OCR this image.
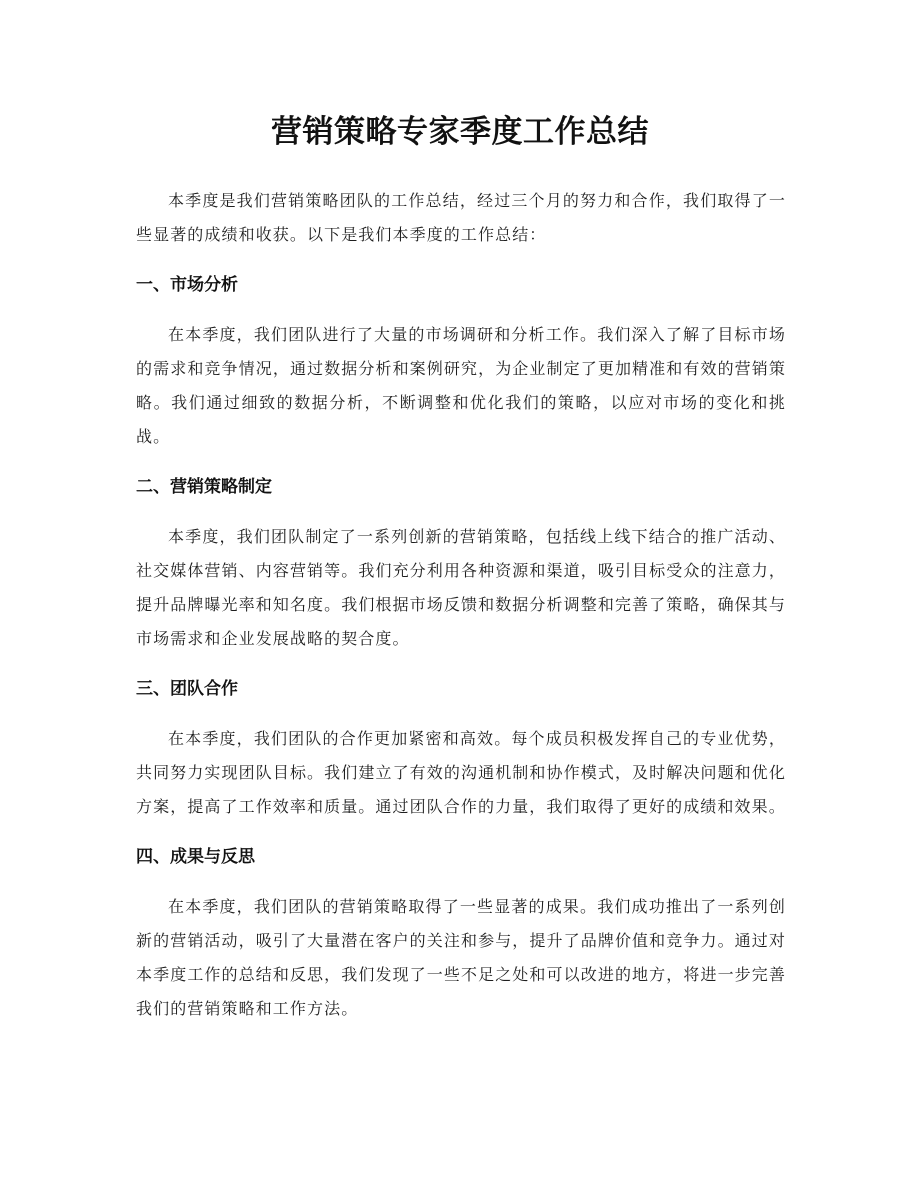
营销策略专家季度工作总结

本季度是我们营销策略团队的工作总结，经过三个月的努力和合作，我们取得了一些显著的成绩和收获。以下是我们本季度的工作总结：

一、市场分析

在本季度，我们团队进行了大量的市场调研和分析工作。我们深入了解了目标市场的需求和竞争情况，通过数据分析和案例研究，为企业制定了更加精准和有效的营销策略。我们通过细致的数据分析，不断调整和优化我们的策略，以应对市场的变化和挑战。

二、营销策略制定

本季度，我们团队制定了一系列创新的营销策略，包括线上线下结合的推广活动、社交媒体营销、内容营销等。我们充分利用各种资源和渠道，吸引目标受众的注意力，提升品牌曝光率和知名度。我们根据市场反馈和数据分析调整和完善了策略，确保其与市场需求和企业发展战略的契合度。

三、团队合作

在本季度，我们团队的合作更加紧密和高效。每个成员积极发挥自己的专业优势，共同努力实现团队目标。我们建立了有效的沟通机制和协作模式，及时解决问题和优化方案，提高了工作效率和质量。通过团队合作的力量，我们取得了更好的成绩和效果。

四、成果与反思

在本季度，我们团队的营销策略取得了一些显著的成果。我们成功推出了一系列创新的营销活动，吸引了大量潜在客户的关注和参与，提升了品牌价值和竞争力。通过对本季度工作的总结和反思，我们发现了一些不足之处和可以改进的地方，将进一步完善我们的营销策略和工作方法。
